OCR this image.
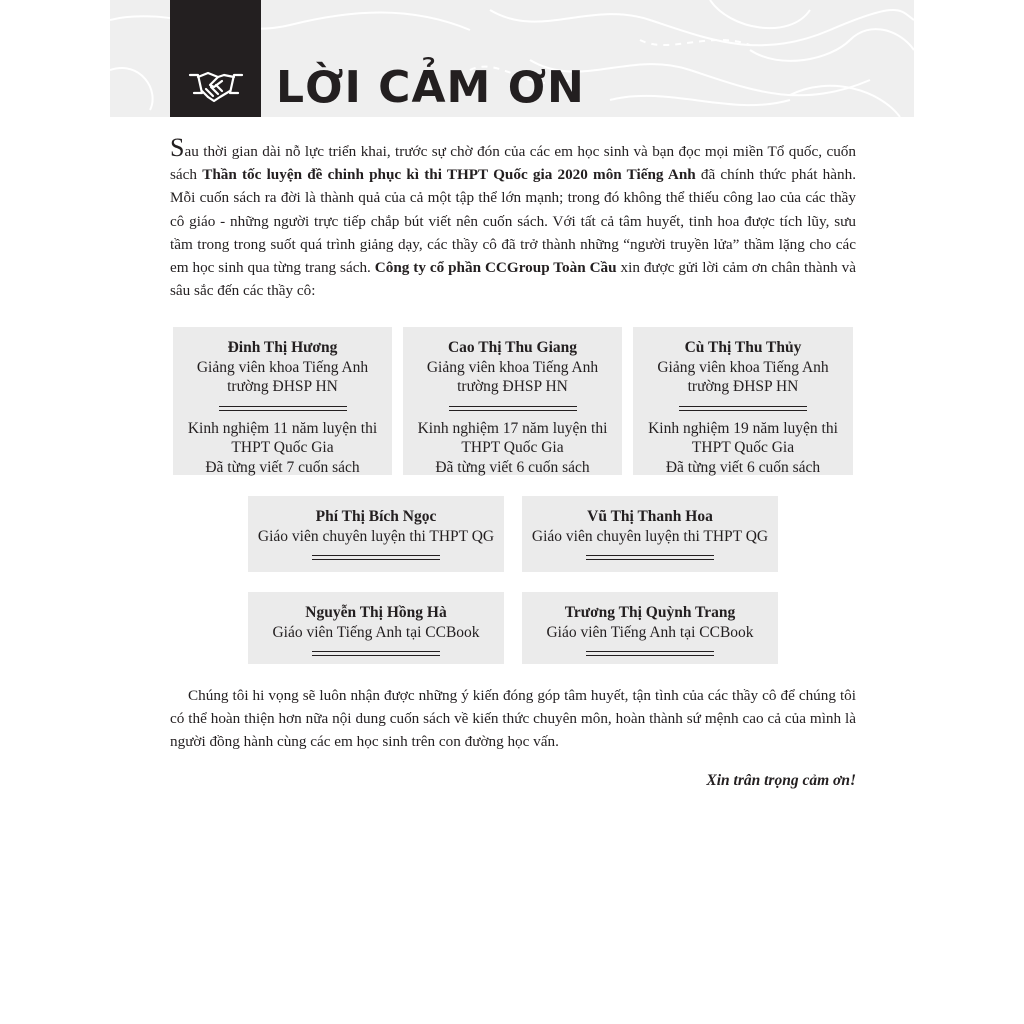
LỜI CẢM ƠN

Sau thời gian dài nỗ lực triển khai, trước sự chờ đón của các em học sinh và bạn đọc mọi miền Tổ quốc, cuốn sách Thần tốc luyện đề chinh phục kì thi THPT Quốc gia 2020 môn Tiếng Anh đã chính thức phát hành. Mỗi cuốn sách ra đời là thành quả của cả một tập thể lớn mạnh; trong đó không thể thiếu công lao của các thầy cô giáo - những người trực tiếp chắp bút viết nên cuốn sách. Với tất cả tâm huyết, tinh hoa được tích lũy, sưu tầm trong trong suốt quá trình giảng dạy, các thầy cô đã trở thành những “người truyền lửa” thầm lặng cho các em học sinh qua từng trang sách. Công ty cổ phần CCGroup Toàn Cầu xin được gửi lời cảm ơn chân thành và sâu sắc đến các thầy cô:

Đinh Thị Hương
Giảng viên khoa Tiếng Anh
trường ĐHSP HN
Kinh nghiệm 11 năm luyện thi
THPT Quốc Gia
Đã từng viết 7 cuốn sách
Cao Thị Thu Giang
Giảng viên khoa Tiếng Anh
trường ĐHSP HN
Kinh nghiệm 17 năm luyện thi
THPT Quốc Gia
Đã từng viết 6 cuốn sách
Cù Thị Thu Thủy
Giảng viên khoa Tiếng Anh
trường ĐHSP HN
Kinh nghiệm 19 năm luyện thi
THPT Quốc Gia
Đã từng viết 6 cuốn sách
Phí Thị Bích Ngọc
Giáo viên chuyên luyện thi THPT QG
Vũ Thị Thanh Hoa
Giáo viên chuyên luyện thi THPT QG
Nguyễn Thị Hồng Hà
Giáo viên Tiếng Anh tại CCBook
Trương Thị Quỳnh Trang
Giáo viên Tiếng Anh tại CCBook

Chúng tôi hi vọng sẽ luôn nhận được những ý kiến đóng góp tâm huyết, tận tình của các thầy cô để chúng tôi có thể hoàn thiện hơn nữa nội dung cuốn sách về kiến thức chuyên môn, hoàn thành sứ mệnh cao cả của mình là người đồng hành cùng các em học sinh trên con đường học vấn.

Xin trân trọng cảm ơn!
